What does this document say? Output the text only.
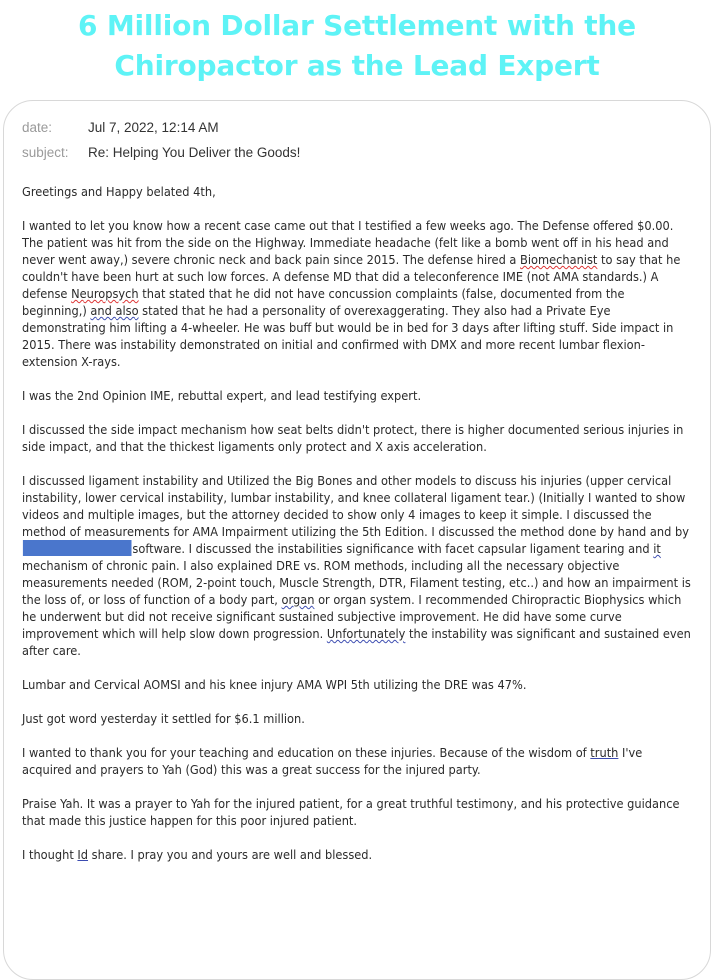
6 Million Dollar Settlement with the
Chiropactor as the Lead Expert
date:	Jul 7, 2022, 12:14 AM
subject: Re: Helping You Deliver the Goods!

Greetings and Happy belated 4th,

I wanted to let you know how a recent case came out that I testified a few weeks ago. The Defense offered $0.00. The patient was hit from the side on the Highway. Immediate headache (felt like a bomb went off in his head and never went away,) severe chronic neck and back pain since 2015. The defense hired a Biomechanist to say that he couldn't have been hurt at such low forces. A defense MD that did a teleconference IME (not AMA standards.) A defense Neuropsych that stated that he did not have concussion complaints (false, documented from the beginning,) and also stated that he had a personality of overexaggerating. They also had a Private Eye demonstrating him lifting a 4-wheeler. He was buff but would be in bed for 3 days after lifting stuff. Side impact in 2015. There was instability demonstrated on initial and confirmed with DMX and more recent lumbar flexion-extension X-rays.

I was the 2nd Opinion IME, rebuttal expert, and lead testifying expert.

I discussed the side impact mechanism how seat belts didn't protect, there is higher documented serious injuries in side impact, and that the thickest ligaments only protect and X axis acceleration.

I discussed ligament instability and Utilized the Big Bones and other models to discuss his injuries (upper cervical instability, lower cervical instability, lumbar instability, and knee collateral ligament tear.) (Initially I wanted to show videos and multiple images, but the attorney decided to show only 4 images to keep it simple. I discussed the method of measurements for AMA Impairment utilizing the 5th Edition. I discussed the method done by hand and by software. I discussed the instabilities significance with facet capsular ligament tearing and it mechanism of chronic pain. I also explained DRE vs. ROM methods, including all the necessary objective measurements needed (ROM, 2-point touch, Muscle Strength, DTR, Filament testing, etc..) and how an impairment is the loss of, or loss of function of a body part, organ or organ system. I recommended Chiropractic Biophysics which he underwent but did not receive significant sustained subjective improvement. He did have some curve improvement which will help slow down progression. Unfortunately the instability was significant and sustained even after care.

Lumbar and Cervical AOMSI and his knee injury AMA WPI 5th utilizing the DRE was 47%.

Just got word yesterday it settled for $6.1 million.

I wanted to thank you for your teaching and education on these injuries. Because of the wisdom of truth I've acquired and prayers to Yah (God) this was a great success for the injured party.

Praise Yah. It was a prayer to Yah for the injured patient, for a great truthful testimony, and his protective guidance that made this justice happen for this poor injured patient.

I thought Id share. I pray you and yours are well and blessed.
